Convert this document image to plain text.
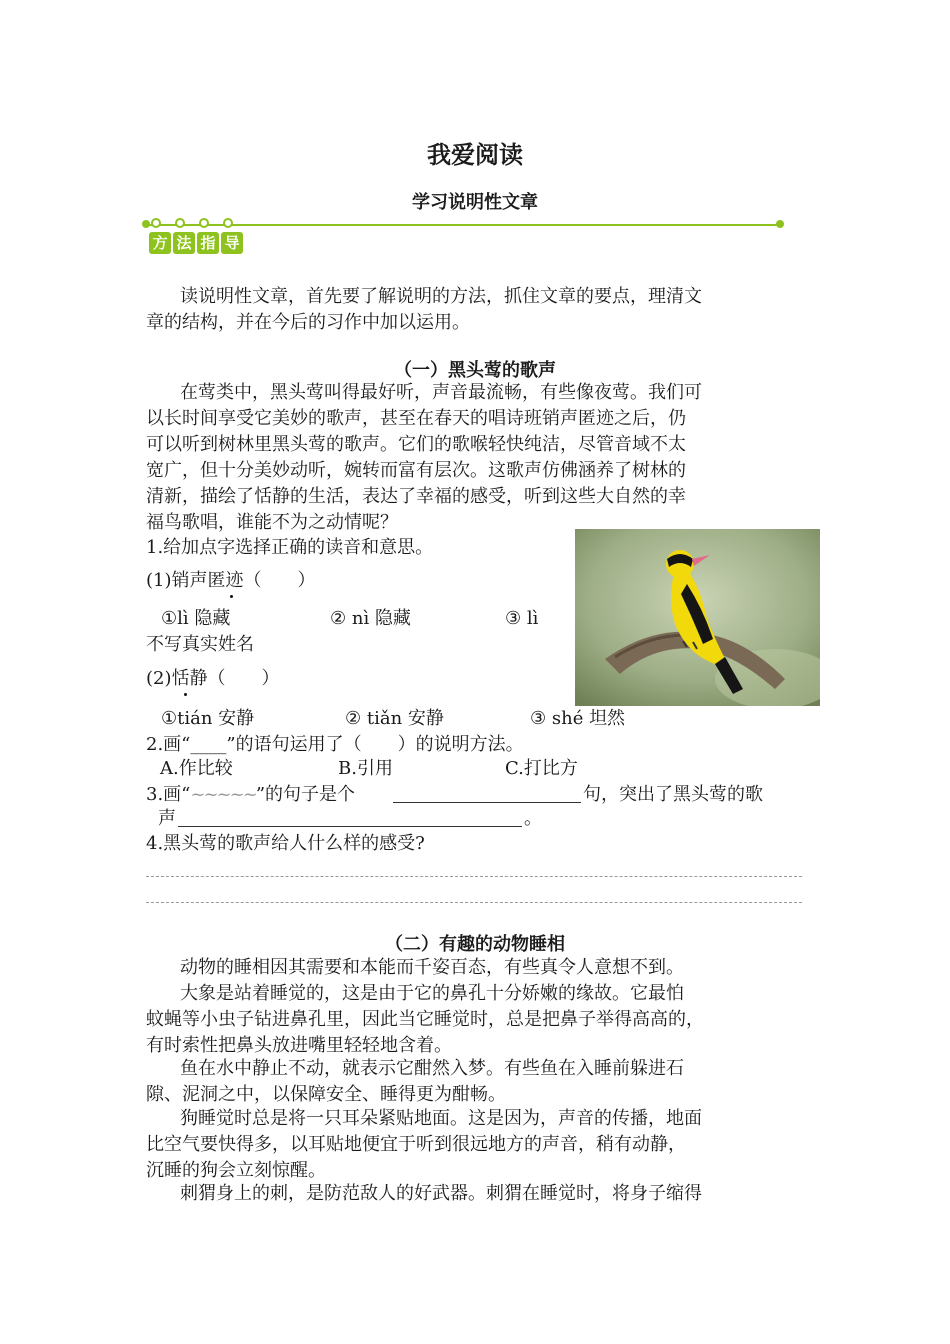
我爱阅读
学习说明性文章
方 法 指 导
读说明性文章，首先要了解说明的方法，抓住文章的要点，理清文
章的结构，并在今后的习作中加以运用。
（一）黑头莺的歌声
在莺类中，黑头莺叫得最好听，声音最流畅，有些像夜莺。我们可
以长时间享受它美妙的歌声，甚至在春天的唱诗班销声匿迹之后，仍
可以听到树林里黑头莺的歌声。它们的歌喉轻快纯洁，尽管音域不太
宽广，但十分美妙动听，婉转而富有层次。这歌声仿佛涵养了树林的
清新，描绘了恬静的生活，表达了幸福的感受，听到这些大自然的幸
福鸟歌唱，谁能不为之动情呢？
1.给加点字选择正确的读音和意思。
(1)销声匿迹（　　）
①lì 隐藏	② nì 隐藏	③ lì
不写真实姓名
(2)恬静（　　）
①tián 安静	② tiǎn 安静	③ shé 坦然
2.画“____”的语句运用了（　　）的说明方法。
A.作比较	B.引用	C.打比方
3.画“~~~~~”的句子是个	句，突出了黑头莺的歌
声	。
4.黑头莺的歌声给人什么样的感受?
（二）有趣的动物睡相
动物的睡相因其需要和本能而千姿百态，有些真令人意想不到。
大象是站着睡觉的，这是由于它的鼻孔十分娇嫩的缘故。它最怕
蚊蝇等小虫子钻进鼻孔里，因此当它睡觉时，总是把鼻子举得高高的，
有时索性把鼻头放进嘴里轻轻地含着。
鱼在水中静止不动，就表示它酣然入梦。有些鱼在入睡前躲进石
隙、泥洞之中，以保障安全、睡得更为酣畅。
狗睡觉时总是将一只耳朵紧贴地面。这是因为，声音的传播，地面
比空气要快得多，以耳贴地便宜于听到很远地方的声音，稍有动静，
沉睡的狗会立刻惊醒。
刺猬身上的刺，是防范敌人的好武器。刺猬在睡觉时，将身子缩得
